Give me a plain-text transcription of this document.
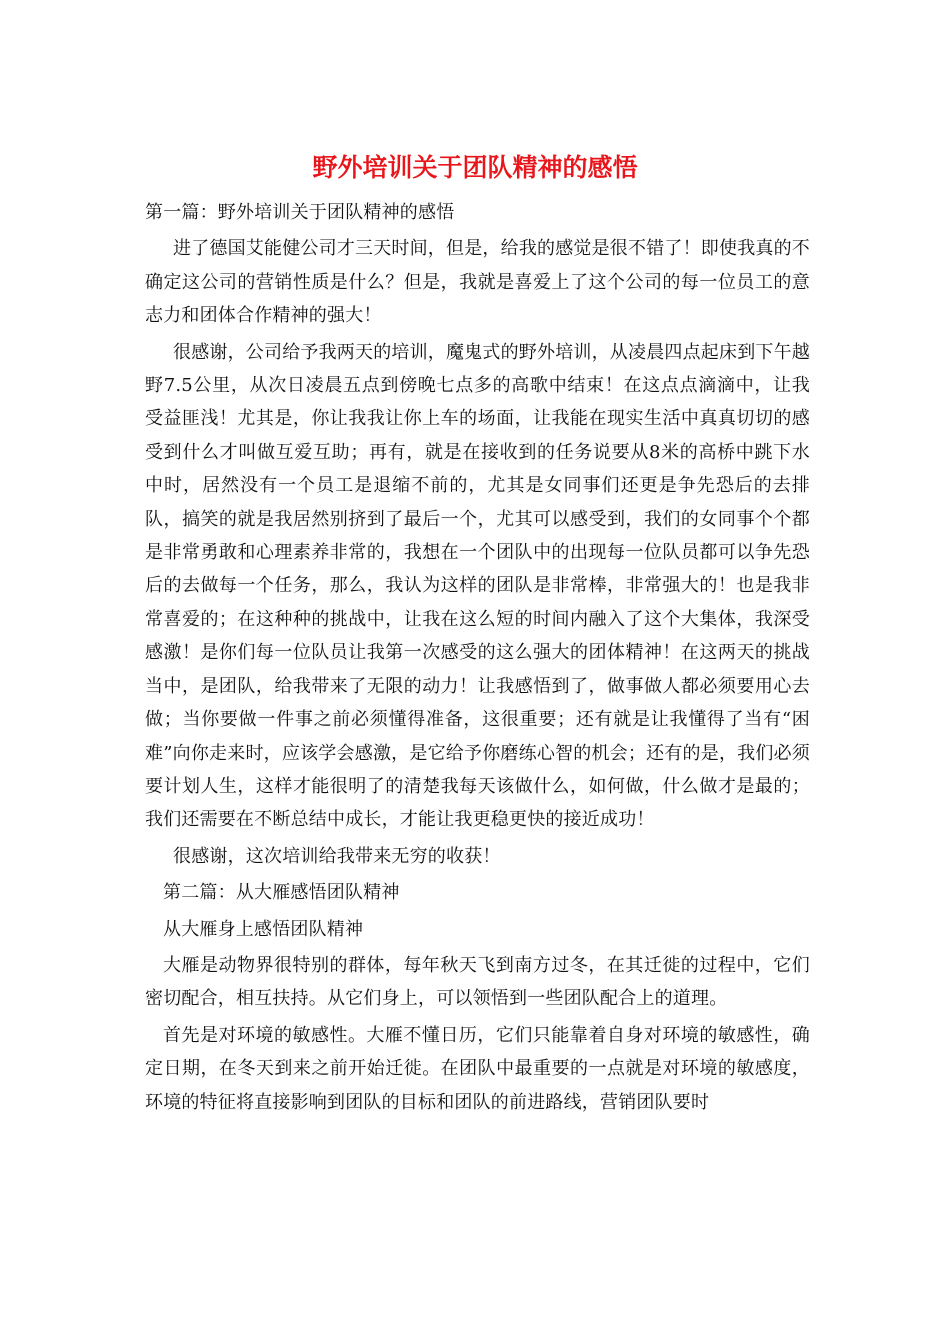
野外培训关于团队精神的感悟

第一篇：野外培训关于团队精神的感悟

进了德国艾能健公司才三天时间，但是，给我的感觉是很不错了！即使我真的不确定这公司的营销性质是什么？但是，我就是喜爱上了这个公司的每一位员工的意志力和团体合作精神的强大！

很感谢，公司给予我两天的培训，魔鬼式的野外培训，从凌晨四点起床到下午越野7.5公里，从次日凌晨五点到傍晚七点多的高歌中结束！在这点点滴滴中，让我受益匪浅！尤其是，你让我我让你上车的场面，让我能在现实生活中真真切切的感受到什么才叫做互爱互助；再有，就是在接收到的任务说要从8米的高桥中跳下水中时，居然没有一个员工是退缩不前的，尤其是女同事们还更是争先恐后的去排队，搞笑的就是我居然别挤到了最后一个，尤其可以感受到，我们的女同事个个都是非常勇敢和心理素养非常的，我想在一个团队中的出现每一位队员都可以争先恐后的去做每一个任务，那么，我认为这样的团队是非常棒，非常强大的！也是我非常喜爱的；在这种种的挑战中，让我在这么短的时间内融入了这个大集体，我深受感激！是你们每一位队员让我第一次感受的这么强大的团体精神！在这两天的挑战当中，是团队，给我带来了无限的动力！让我感悟到了，做事做人都必须要用心去做；当你要做一件事之前必须懂得准备，这很重要；还有就是让我懂得了当有“困难”向你走来时，应该学会感激，是它给予你磨练心智的机会；还有的是，我们必须要计划人生，这样才能很明了的清楚我每天该做什么，如何做，什么做才是最的；我们还需要在不断总结中成长，才能让我更稳更快的接近成功！

很感谢，这次培训给我带来无穷的收获！

第二篇：从大雁感悟团队精神

从大雁身上感悟团队精神

大雁是动物界很特别的群体，每年秋天飞到南方过冬，在其迁徙的过程中，它们密切配合，相互扶持。从它们身上，可以领悟到一些团队配合上的道理。

首先是对环境的敏感性。大雁不懂日历，它们只能靠着自身对环境的敏感性，确定日期，在冬天到来之前开始迁徙。在团队中最重要的一点就是对环境的敏感度，环境的特征将直接影响到团队的目标和团队的前进路线，营销团队要时
